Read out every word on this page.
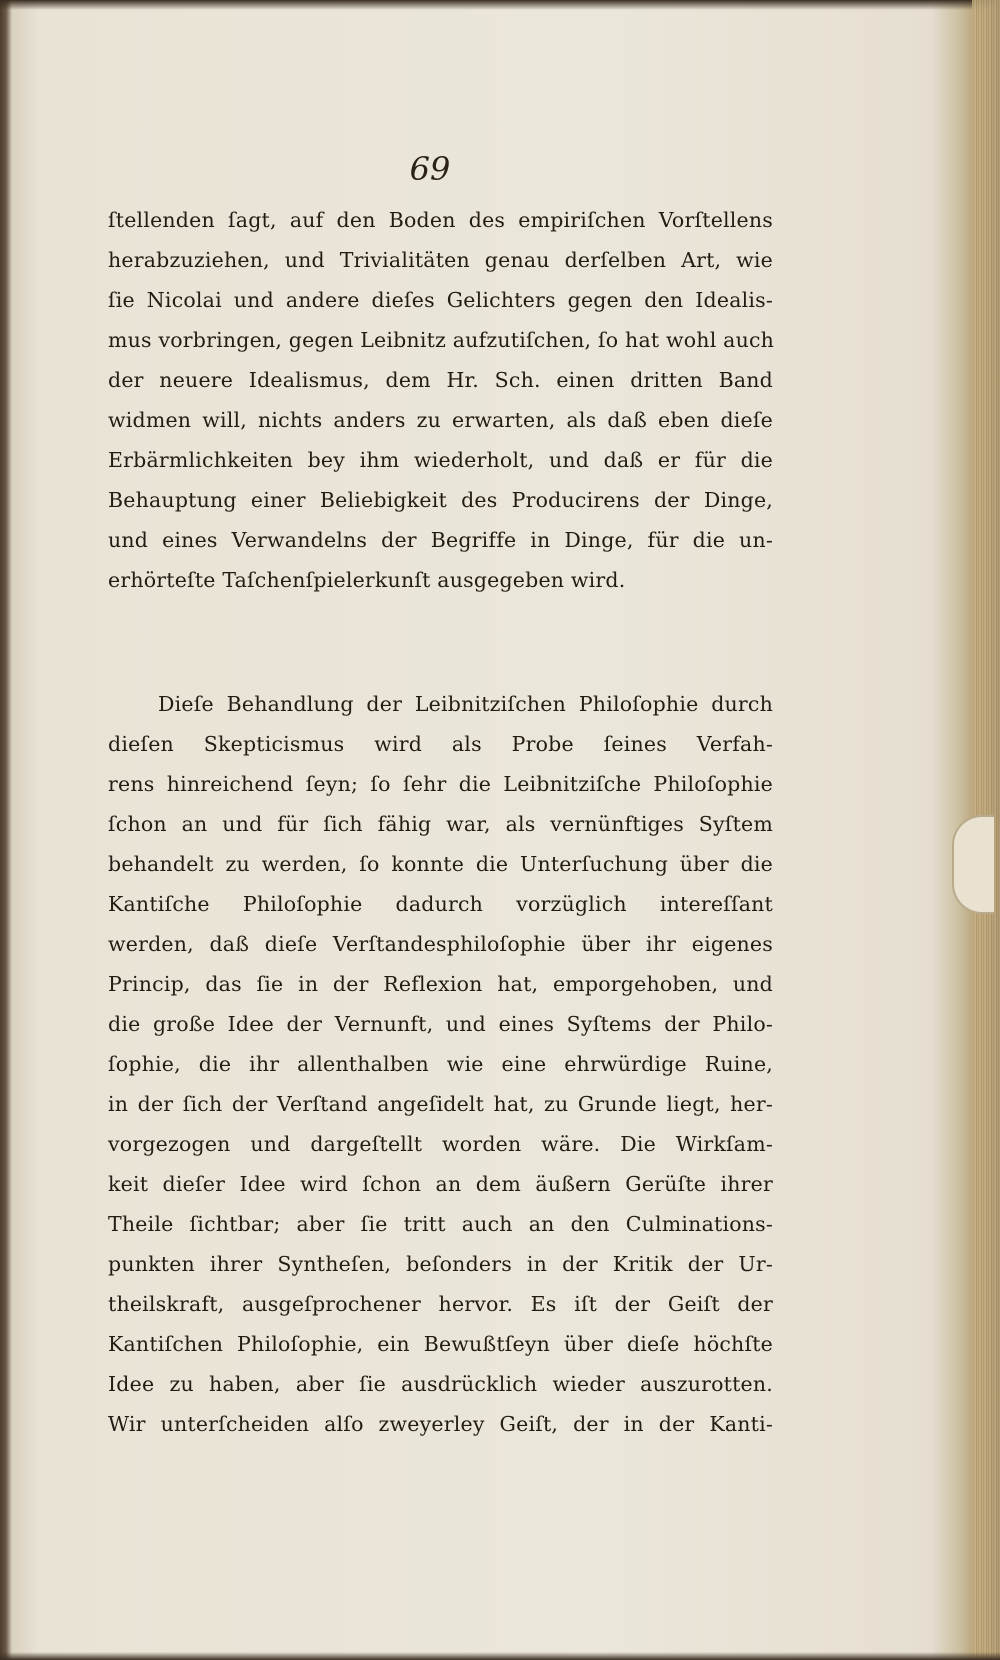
69
ſtellenden ſagt, auf den Boden des empiriſchen Vorſtellens
herabzuziehen, und Trivialitäten genau derſelben Art, wie
ſie Nicolai und andere dieſes Gelichters gegen den Idealis-
mus vorbringen, gegen Leibnitz aufzutiſchen, ſo hat wohl auch
der neuere Idealismus, dem Hr. Sch. einen dritten Band
widmen will, nichts anders zu erwarten, als daß eben dieſe
Erbärmlichkeiten bey ihm wiederholt, und daß er für die
Behauptung einer Beliebigkeit des Producirens der Dinge,
und eines Verwandelns der Begriffe in Dinge, für die un-
erhörteſte Taſchenſpielerkunſt ausgegeben wird.
Dieſe Behandlung der Leibnitziſchen Philoſophie durch
dieſen Skepticismus wird als Probe ſeines Verfah-
rens hinreichend ſeyn; ſo ſehr die Leibnitziſche Philoſophie
ſchon an und für ſich fähig war, als vernünftiges Syſtem
behandelt zu werden, ſo konnte die Unterſuchung über die
Kantiſche Philoſophie dadurch vorzüglich intereſſant
werden, daß dieſe Verſtandesphiloſophie über ihr eigenes
Princip, das ſie in der Reflexion hat, emporgehoben, und
die große Idee der Vernunft, und eines Syſtems der Philo-
ſophie, die ihr allenthalben wie eine ehrwürdige Ruine,
in der ſich der Verſtand angeſidelt hat, zu Grunde liegt, her-
vorgezogen und dargeſtellt worden wäre. Die Wirkſam-
keit dieſer Idee wird ſchon an dem äußern Gerüſte ihrer
Theile ſichtbar; aber ſie tritt auch an den Culminations-
punkten ihrer Syntheſen, beſonders in der Kritik der Ur-
theilskraft, ausgeſprochener hervor. Es iſt der Geiſt der
Kantiſchen Philoſophie, ein Bewußtſeyn über dieſe höchſte
Idee zu haben, aber ſie ausdrücklich wieder auszurotten.
Wir unterſcheiden alſo zweyerley Geiſt, der in der Kanti-
